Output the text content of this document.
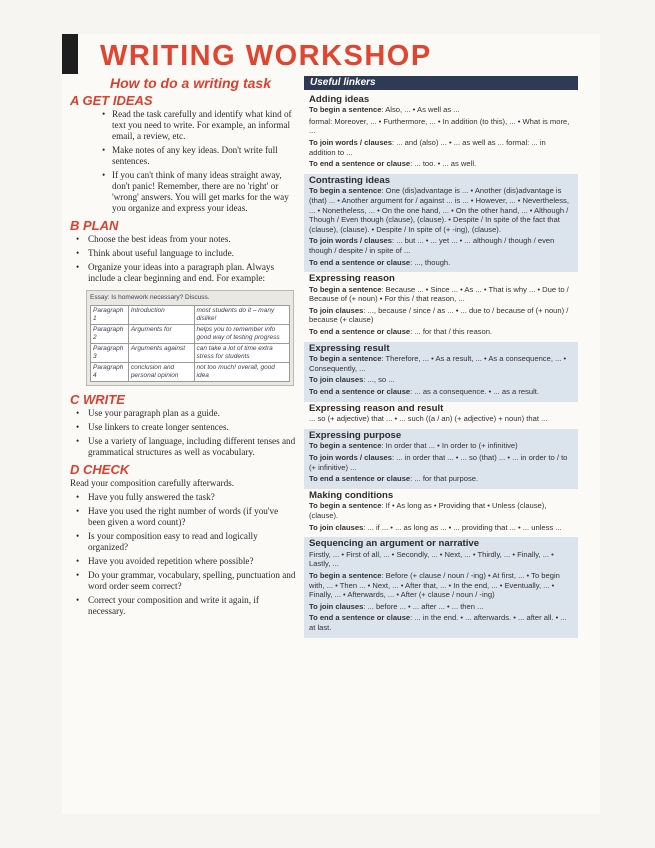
WRITING WORKSHOP
How to do a writing task
A GET IDEAS
• Read the task carefully and identify what kind of text you need to write. For example, an informal email, a review, etc.
• Make notes of any key ideas. Don't write full sentences.
• If you can't think of many ideas straight away, don't panic! Remember, there are no 'right' or 'wrong' answers. You will get marks for the way you organize and express your ideas.
B PLAN
• Choose the best ideas from your notes.
• Think about useful language to include.
• Organize your ideas into a paragraph plan. Always include a clear beginning and end. For example:
Essay: Is homework necessary? Discuss.
Paragraph 1	Introduction	most students do it – many dislike!
Paragraph 2	Arguments for	helps you to remember info good way of testing progress
Paragraph 3	Arguments against	can take a lot of time extra stress for students
Paragraph 4	conclusion and personal opinion	not too much! overall, good idea
C WRITE
• Use your paragraph plan as a guide.
• Use linkers to create longer sentences.
• Use a variety of language, including different tenses and grammatical structures as well as vocabulary.
D CHECK

Read your composition carefully afterwards.

• Have you fully answered the task?
• Have you used the right number of words (if you've been given a word count)?
• Is your composition easy to read and logically organized?
• Have you avoided repetition where possible?
• Do your grammar, vocabulary, spelling, punctuation and word order seem correct?
• Correct your composition and write it again, if necessary.
Useful linkers
Adding ideas

To begin a sentence: Also, ... • As well as ...

formal: Moreover, ... • Furthermore, ... • In addition (to this), ... • What is more, ...

To join words / clauses: ... and (also) ... • ... as well as ... formal: ... in addition to ...

To end a sentence or clause: ... too. • ... as well.

Contrasting ideas

To begin a sentence: One (dis)advantage is ... • Another (dis)advantage is (that) ... • Another argument for / against ... is ... • However, ... • Nevertheless, ... • Nonetheless, ... • On the one hand, ... • On the other hand, ... • Although / Though / Even though (clause), (clause). • Despite / In spite of the fact that (clause), (clause). • Despite / In spite of (+ -ing), (clause).

To join words / clauses: ... but ... • ... yet ... • ... although / though / even though / despite / in spite of ...

To end a sentence or clause: ..., though.

Expressing reason

To begin a sentence: Because ... • Since ... • As ... • That is why ... • Due to / Because of (+ noun) • For this / that reason, ...

To join clauses: ..., because / since / as ... • ... due to / because of (+ noun) / because (+ clause)

To end a sentence or clause: ... for that / this reason.

Expressing result

To begin a sentence: Therefore, ... • As a result, ... • As a consequence, ... • Consequently, ...

To join clauses: ..., so ...

To end a sentence or clause: ... as a consequence. • ... as a result.

Expressing reason and result

... so (+ adjective) that ... • ... such ((a / an) (+ adjective) + noun) that ...

Expressing purpose

To begin a sentence: In order that ... • In order to (+ infinitive)

To join words / clauses: ... in order that ... • ... so (that) ... • ... in order to / to (+ infinitive) ...

To end a sentence or clause: ... for that purpose.

Making conditions

To begin a sentence: If • As long as • Providing that • Unless (clause), (clause).

To join clauses: ... if ... • ... as long as ... • ... providing that ... • ... unless ...

Sequencing an argument or narrative

Firstly, ... • First of all, ... • Secondly, ... • Next, ... • Thirdly, ... • Finally, ... • Lastly, ...

To begin a sentence: Before (+ clause / noun / -ing) • At first, ... • To begin with, ... • Then ... • Next, ... • After that, ... • In the end, ... • Eventually, ... • Finally, ... • Afterwards, ... • After (+ clause / noun / -ing)

To join clauses: ... before ... • ... after ... • ... then ...

To end a sentence or clause: ... in the end. • ... afterwards. • ... after all. • ... at last.
